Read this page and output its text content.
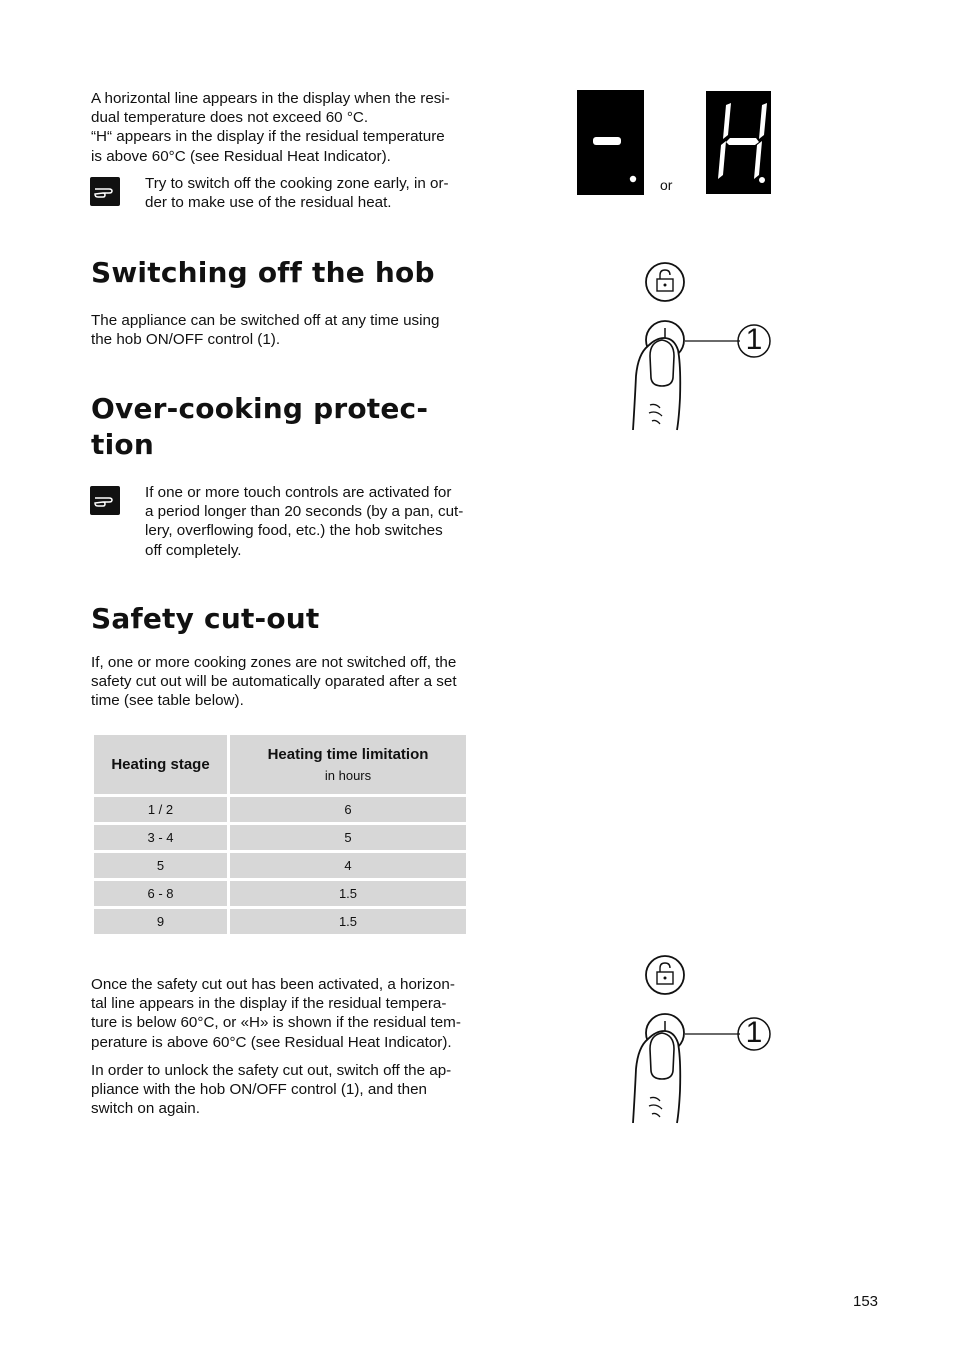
A horizontal line appears in the display when the resi-

dual temperature does not exceed 60 °C.

“H“ appears in the display if the residual temperature

is above 60°C (see Residual Heat Indicator).

Try to switch off the cooking zone early, in or-

der to make use of the residual heat.

Switching off the hob

The appliance can be switched off at any time using

the hob ON/OFF control (1).

Over-cooking protec-
tion

If one or more touch controls are activated for

a period longer than 20 seconds (by a pan, cut-

lery, overflowing food, etc.) the hob switches

off completely.

Safety cut-out

If, one or more cooking zones are not switched off, the

safety cut out will be automatically oparated after a set

time (see table below).

Heating stage	Heating time limitation
in hours

1 / 2	6
3 - 4	5
5	4
6 - 8	1.5
9	1.5

Once the safety cut out has been activated, a horizon-

tal line appears in the display if the residual tempera-

ture is below 60°C, or «H» is shown if the residual tem-

perature is above 60°C (see Residual Heat Indicator).

In order to unlock the safety cut out, switch off the ap-

pliance with the hob ON/OFF control (1), and then

switch on again.

or
1
1
153
